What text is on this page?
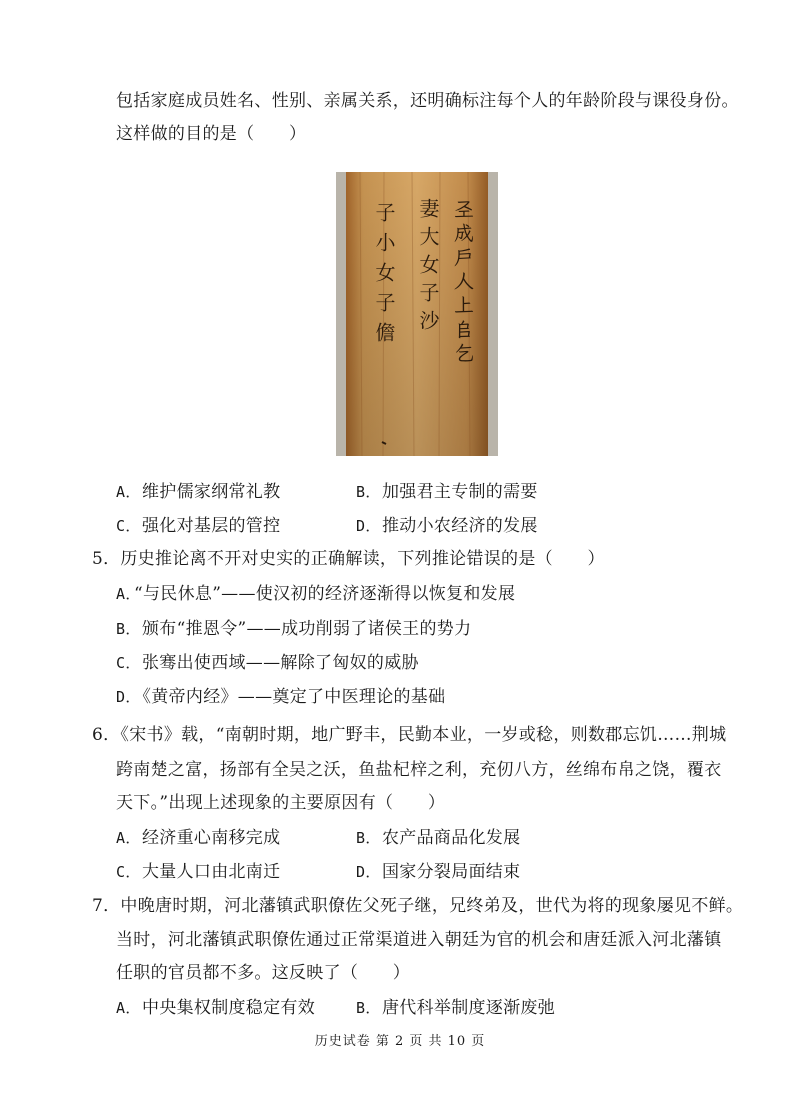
包括家庭成员姓名、性别、亲属关系，还明确标注每个人的年龄阶段与课役身份。
这样做的目的是（　　）
𢀖成戶人上𠂤乞
妻大女子沙
子小女子儋
A．维护儒家纲常礼教	B．加强君主专制的需要
C．强化对基层的管控	D．推动小农经济的发展
5．历史推论离不开对史实的正确解读，下列推论错误的是（　　）
A．“与民休息”——使汉初的经济逐渐得以恢复和发展
B．颁布“推恩令”——成功削弱了诸侯王的势力
C．张骞出使西域——解除了匈奴的威胁
D．《黄帝内经》——奠定了中医理论的基础
6．《宋书》载，“南朝时期，地广野丰，民勤本业，一岁或稔，则数郡忘饥……荆城
跨南楚之富，扬部有全吴之沃，鱼盐杞梓之利，充仞八方，丝绵布帛之饶，覆衣
天下。”出现上述现象的主要原因有（　　）
A．经济重心南移完成	B．农产品商品化发展
C．大量人口由北南迁	D．国家分裂局面结束
7．中晚唐时期，河北藩镇武职僚佐父死子继，兄终弟及，世代为将的现象屡见不鲜。
当时，河北藩镇武职僚佐通过正常渠道进入朝廷为官的机会和唐廷派入河北藩镇
任职的官员都不多。这反映了（　　）
A．中央集权制度稳定有效	B．唐代科举制度逐渐废弛
历史试卷 第 2 页 共 10 页
